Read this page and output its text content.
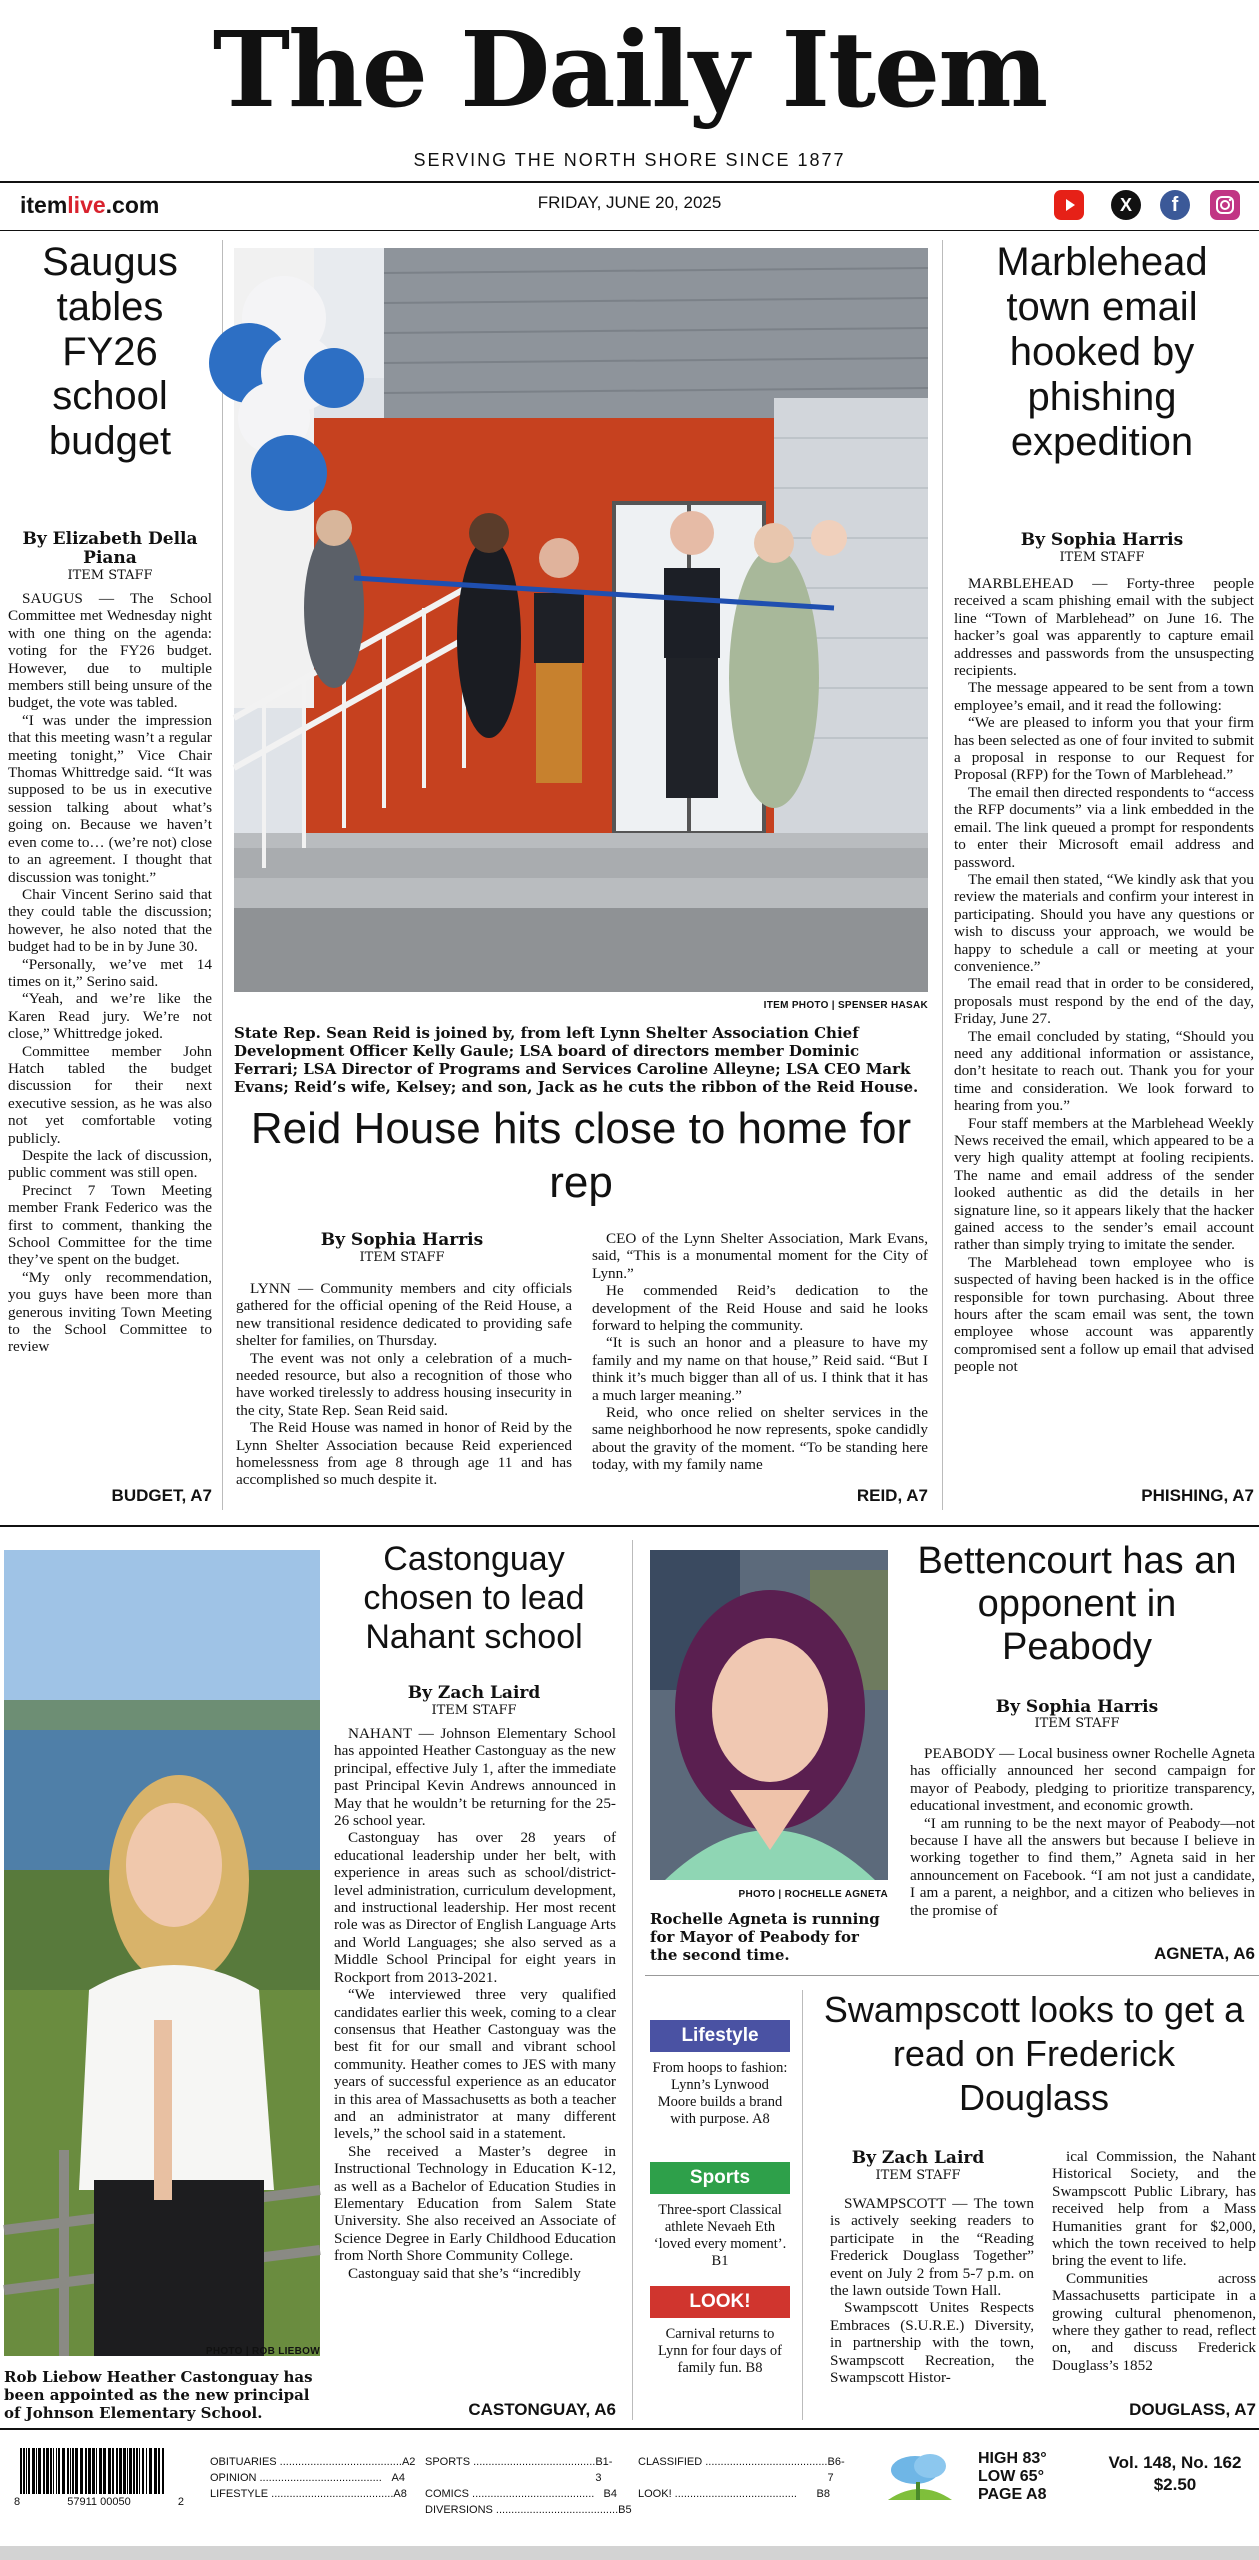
The Daily Item
SERVING THE NORTH SHORE SINCE 1877
itemlive.com	FRIDAY, JUNE 20, 2025	X	f
Saugus tables FY26 school budget
By Elizabeth Della Piana
ITEM STAFF

SAUGUS — The School Committee met Wednesday night with one thing on the agenda: voting for the FY26 budget. However, due to multiple members still being unsure of the budget, the vote was tabled.

“I was under the impression that this meeting wasn’t a regular meeting tonight,” Vice Chair Thomas Whittredge said. “It was supposed to be us in executive session talking about what’s going on. Because we haven’t even come to… (we’re not) close to an agreement. I thought that discussion was tonight.”

Chair Vincent Serino said that they could table the discussion; however, he also noted that the budget had to be in by June 30.

“Personally, we’ve met 14 times on it,” Serino said.

“Yeah, and we’re like the Karen Read jury. We’re not close,” Whittredge joked.

Committee member John Hatch tabled the budget discussion for their next executive session, as he was also not yet comfortable voting publicly.

Despite the lack of discussion, public comment was still open.

Precinct 7 Town Meeting member Frank Federico was the first to comment, thanking the School Committee for the time they’ve spent on the budget.

“My only recommendation, you guys have been more than generous inviting Town Meeting to the School Committee to review

BUDGET, A7
ITEM PHOTO | SPENSER HASAK
State Rep. Sean Reid is joined by, from left Lynn Shelter Association Chief Development Officer Kelly Gaule; LSA board of directors member Dominic Ferrari; LSA Director of Programs and Services Caroline Alleyne; LSA CEO Mark Evans; Reid’s wife, Kelsey; and son, Jack as he cuts the ribbon of the Reid House.
Reid House hits close to home for rep
By Sophia Harris
ITEM STAFF

LYNN — Community members and city officials gathered for the official opening of the Reid House, a new transitional residence dedicated to providing safe shelter for families, on Thursday.

The event was not only a celebration of a much-needed resource, but also a recognition of those who have worked tirelessly to address housing insecurity in the city, State Rep. Sean Reid said.

The Reid House was named in honor of Reid by the Lynn Shelter Association because Reid experienced homelessness from age 8 through age 11 and has accomplished so much despite it.

CEO of the Lynn Shelter Association, Mark Evans, said, “This is a monumental moment for the City of Lynn.”

He commended Reid’s dedication to the development of the Reid House and said he looks forward to helping the community.

“It is such an honor and a pleasure to have my family and my name on that house,” Reid said. “But I think it’s much bigger than all of us. I think that it has a much larger meaning.”

Reid, who once relied on shelter services in the same neighborhood he now represents, spoke candidly about the gravity of the moment. “To be standing here today, with my family name

REID, A7
Marblehead town email hooked by phishing expedition
By Sophia Harris
ITEM STAFF

MARBLEHEAD — Forty-three people received a scam phishing email with the subject line “Town of Marblehead” on June 16. The hacker’s goal was apparently to capture email addresses and passwords from the unsuspecting recipients.

The message appeared to be sent from a town employee’s email, and it read the following:

“We are pleased to inform you that your firm has been selected as one of four invited to submit a proposal in response to our Request for Proposal (RFP) for the Town of Marblehead.”

The email then directed respondents to “access the RFP documents” via a link embedded in the email. The link queued a prompt for respondents to enter their Microsoft email address and password.

The email then stated, “We kindly ask that you review the materials and confirm your interest in participating. Should you have any questions or wish to discuss your approach, we would be happy to schedule a call or meeting at your convenience.”

The email read that in order to be considered, proposals must respond by the end of the day, Friday, June 27.

The email concluded by stating, “Should you need any additional information or assistance, don’t hesitate to reach out. Thank you for your time and consideration. We look forward to hearing from you.”

Four staff members at the Marblehead Weekly News received the email, which appeared to be a very high quality attempt at fooling recipients. The name and email address of the sender looked authentic as did the details in her signature line, so it appears likely that the hacker gained access to the sender’s email account rather than simply trying to imitate the sender.

The Marblehead town employee who is suspected of having been hacked is in the office responsible for town purchasing. About three hours after the scam email was sent, the town employee whose account was apparently compromised sent a follow up email that advised people not

PHISHING, A7
PHOTO | ROB LIEBOW
Rob Liebow Heather Castonguay has been appointed as the new principal of Johnson Elementary School.
Castonguay chosen to lead Nahant school
By Zach Laird
ITEM STAFF

NAHANT — Johnson Elementary School has appointed Heather Castonguay as the new principal, effective July 1, after the immediate past Principal Kevin Andrews announced in May that he wouldn’t be returning for the 25-26 school year.

Castonguay has over 28 years of educational leadership under her belt, with experience in areas such as school/district-level administration, curriculum development, and instructional leadership. Her most recent role was as Director of English Language Arts and World Languages; she also served as a Middle School Principal for eight years in Rockport from 2013-2021.

“We interviewed three very qualified candidates earlier this week, coming to a clear consensus that Heather Castonguay was the best fit for our small and vibrant school community. Heather comes to JES with many years of successful experience as an educator in this area of Massachusetts as both a teacher and an administrator at many different levels,” the school said in a statement.

She received a Master’s degree in Instructional Technology in Education K-12, as well as a Bachelor of Education Studies in Elementary Education from Salem State University. She also received an Associate of Science Degree in Early Childhood Education from North Shore Community College.

Castonguay said that she’s “incredibly

CASTONGUAY, A6
PHOTO | ROCHELLE AGNETA
Rochelle Agneta is running for Mayor of Peabody for the second time.
Bettencourt has an opponent in Peabody
By Sophia Harris
ITEM STAFF

PEABODY — Local business owner Rochelle Agneta has officially announced her second campaign for mayor of Peabody, pledging to prioritize transparency, educational investment, and economic growth.

“I am running to be the next mayor of Peabody—not because I have all the answers but because I believe in working together to find them,” Agneta said in her announcement on Facebook. “I am not just a candidate, I am a parent, a neighbor, and a citizen who believes in the promise of

AGNETA, A6
Lifestyle
From hoops to fashion: Lynn’s Lynwood Moore builds a brand with purpose. A8
Sports
Three-sport Classical athlete Nevaeh Eth ‘loved every moment’. B1
LOOK!
Carnival returns to Lynn for four days of family fun. B8
Swampscott looks to get a read on Frederick Douglass
By Zach Laird
ITEM STAFF

SWAMPSCOTT — The town is actively seeking readers to participate in the “Reading Frederick Douglass Together” event on July 2 from 5-7 p.m. on the lawn outside Town Hall.

Swampscott Unites Respects Embraces (S.U.R.E.) Diversity, in partnership with the town, Swampscott Recreation, the Swampscott Histor-

ical Commission, the Nahant Historical Society, and the Swampscott Public Library, has received help from a Mass Humanities grant for $2,000, which the town received to help bring the event to life.

Communities across Massachusetts participate in a growing cultural phenomenon, where they gather to read, reflect on, and discuss Frederick Douglass’s 1852

DOUGLASS, A7
8	57911 00050	2
OBITUARIES ........................................ A2
OPINION ........................................ A4
LIFESTYLE ........................................ A8
SPORTS ........................................ B1-3
COMICS ........................................ B4
DIVERSIONS ........................................ B5
CLASSIFIED ........................................ B6-7
LOOK! ........................................	B8
HIGH 83°
LOW 65°
PAGE A8
Vol. 148, No. 162
$2.50
